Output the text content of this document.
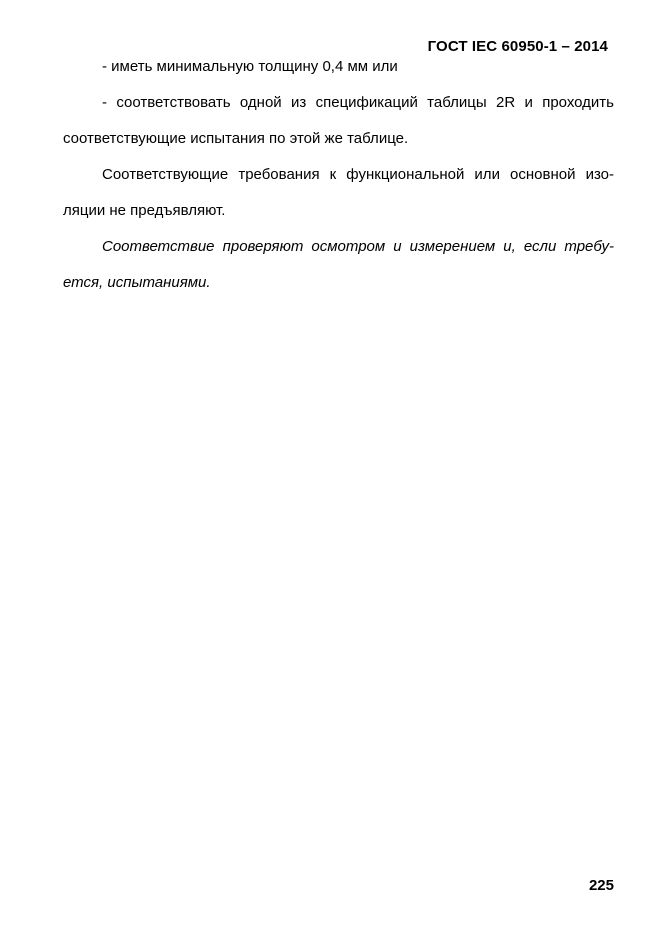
ГОСТ IEC 60950-1 – 2014
- иметь минимальную толщину 0,4 мм или
- соответствовать одной из спецификаций таблицы 2R и проходить
соответствующие испытания по этой же таблице.
Соответствующие требования к функциональной или основной изо-
ляции не предъявляют.
Соответствие проверяют осмотром и измерением и, если требу-
ется, испытаниями.
225
